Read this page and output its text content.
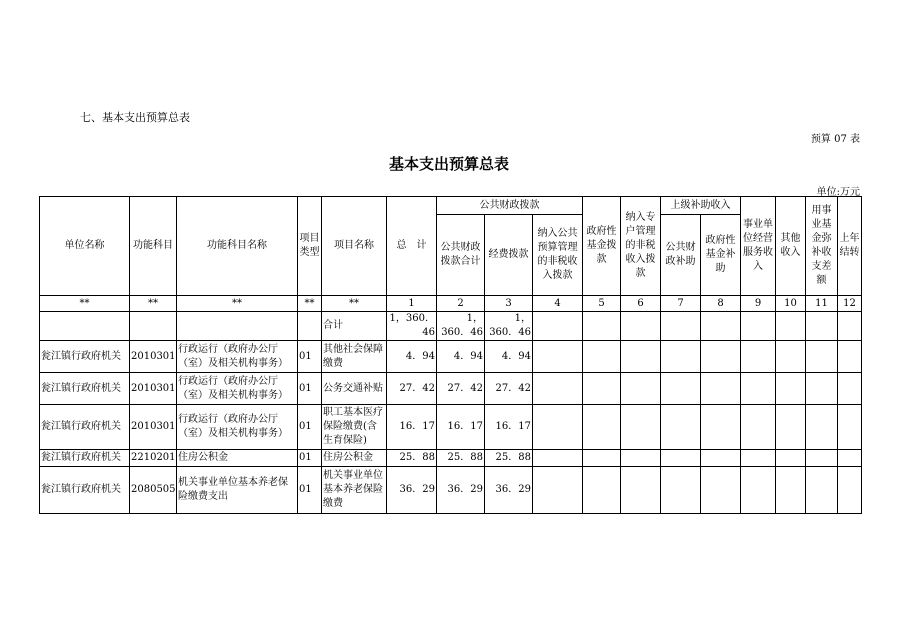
七、基本支出预算总表
预算 07 表
基本支出预算总表
单位:万元
单位名称	功能科目	功能科目名称	项目类型	项目名称	总　计	公共财政拨款			政府性基金拨款	纳入专户管理的非税收入拨款	上级补助收入		事业单位经营服务收入	其他收入	用事业基金弥补收支差额	上年结转
						公共财政拨款合计	经费拨款	纳入公共预算管理的非税收入拨款								
											公共财政补助	政府性基金补助				
**	**	**	**	**	1	2	3	4	5	6	7	8	9	10	11	12
				合计	1，360．46	1，360．46	1，360．46									
瓮江镇行政府机关	2010301	行政运行（政府办公厅（室）及相关机构事务）	01	其他社会保障缴费	4．94	4．94	4．94									
瓮江镇行政府机关	2010301	行政运行（政府办公厅（室）及相关机构事务）	01	公务交通补贴	27．42	27．42	27．42									
瓮江镇行政府机关	2010301	行政运行（政府办公厅（室）及相关机构事务）	01	职工基本医疗保险缴费(含生育保险)	16．17	16．17	16．17									
瓮江镇行政府机关	2210201	住房公积金	01	住房公积金	25．88	25．88	25．88									
瓮江镇行政府机关	2080505	机关事业单位基本养老保险缴费支出	01	机关事业单位基本养老保险缴费	36．29	36．29	36．29									
